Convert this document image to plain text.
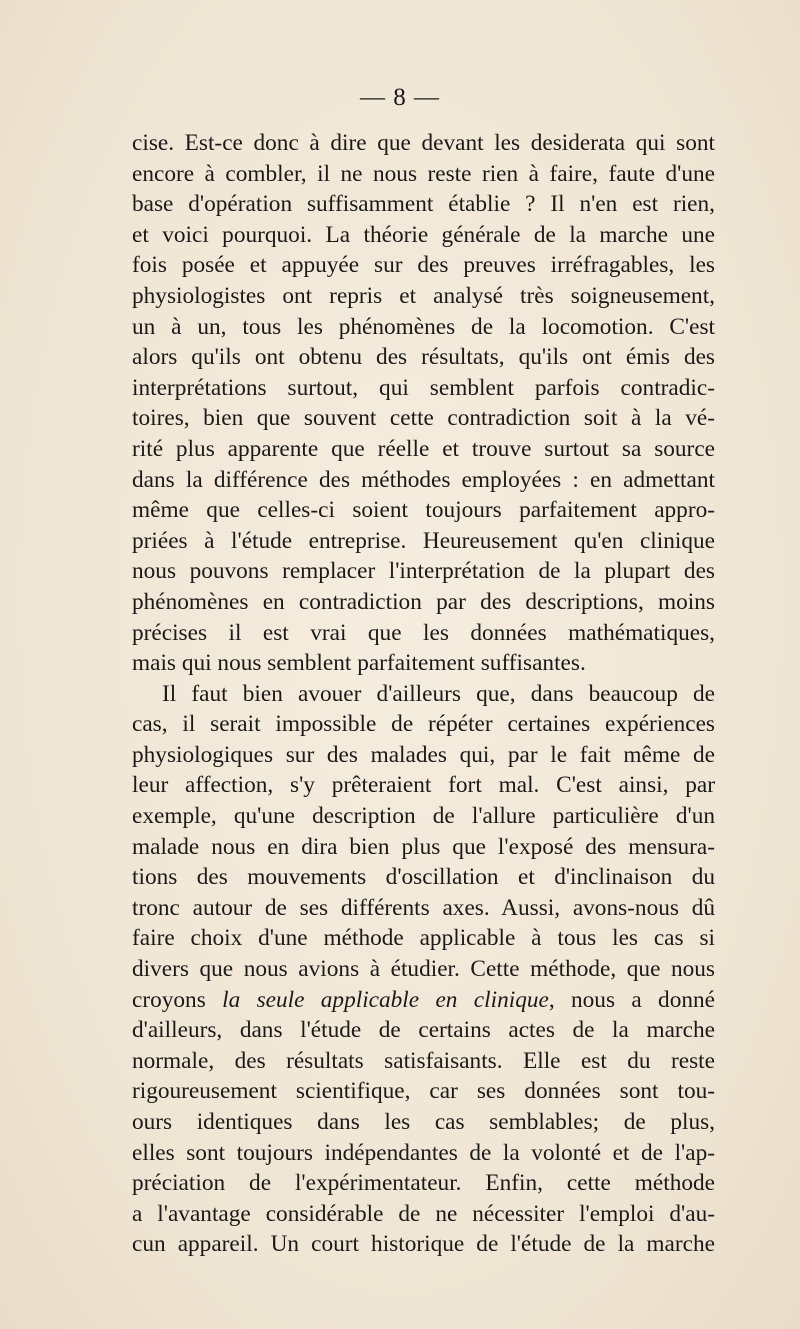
— 8 —
cise. Est-ce donc à dire que devant les desiderata qui sont
encore à combler, il ne nous reste rien à faire, faute d'une
base d'opération suffisamment établie ? Il n'en est rien,
et voici pourquoi. La théorie générale de la marche une
fois posée et appuyée sur des preuves irréfragables, les
physiologistes ont repris et analysé très soigneusement,
un à un, tous les phénomènes de la locomotion. C'est
alors qu'ils ont obtenu des résultats, qu'ils ont émis des
interprétations surtout, qui semblent parfois contradic-
toires, bien que souvent cette contradiction soit à la vé-
rité plus apparente que réelle et trouve surtout sa source
dans la différence des méthodes employées : en admettant
même que celles-ci soient toujours parfaitement appro-
priées à l'étude entreprise. Heureusement qu'en clinique
nous pouvons remplacer l'interprétation de la plupart des
phénomènes en contradiction par des descriptions, moins
précises il est vrai que les données mathématiques,
mais qui nous semblent parfaitement suffisantes.
Il faut bien avouer d'ailleurs que, dans beaucoup de
cas, il serait impossible de répéter certaines expériences
physiologiques sur des malades qui, par le fait même de
leur affection, s'y prêteraient fort mal. C'est ainsi, par
exemple, qu'une description de l'allure particulière d'un
malade nous en dira bien plus que l'exposé des mensura-
tions des mouvements d'oscillation et d'inclinaison du
tronc autour de ses différents axes. Aussi, avons-nous dû
faire choix d'une méthode applicable à tous les cas si
divers que nous avions à étudier. Cette méthode, que nous
croyons la seule applicable en clinique, nous a donné
d'ailleurs, dans l'étude de certains actes de la marche
normale, des résultats satisfaisants. Elle est du reste
rigoureusement scientifique, car ses données sont tou-
ours identiques dans les cas semblables; de plus,
elles sont toujours indépendantes de la volonté et de l'ap-
préciation de l'expérimentateur. Enfin, cette méthode
a l'avantage considérable de ne nécessiter l'emploi d'au-
cun appareil. Un court historique de l'étude de la marche
